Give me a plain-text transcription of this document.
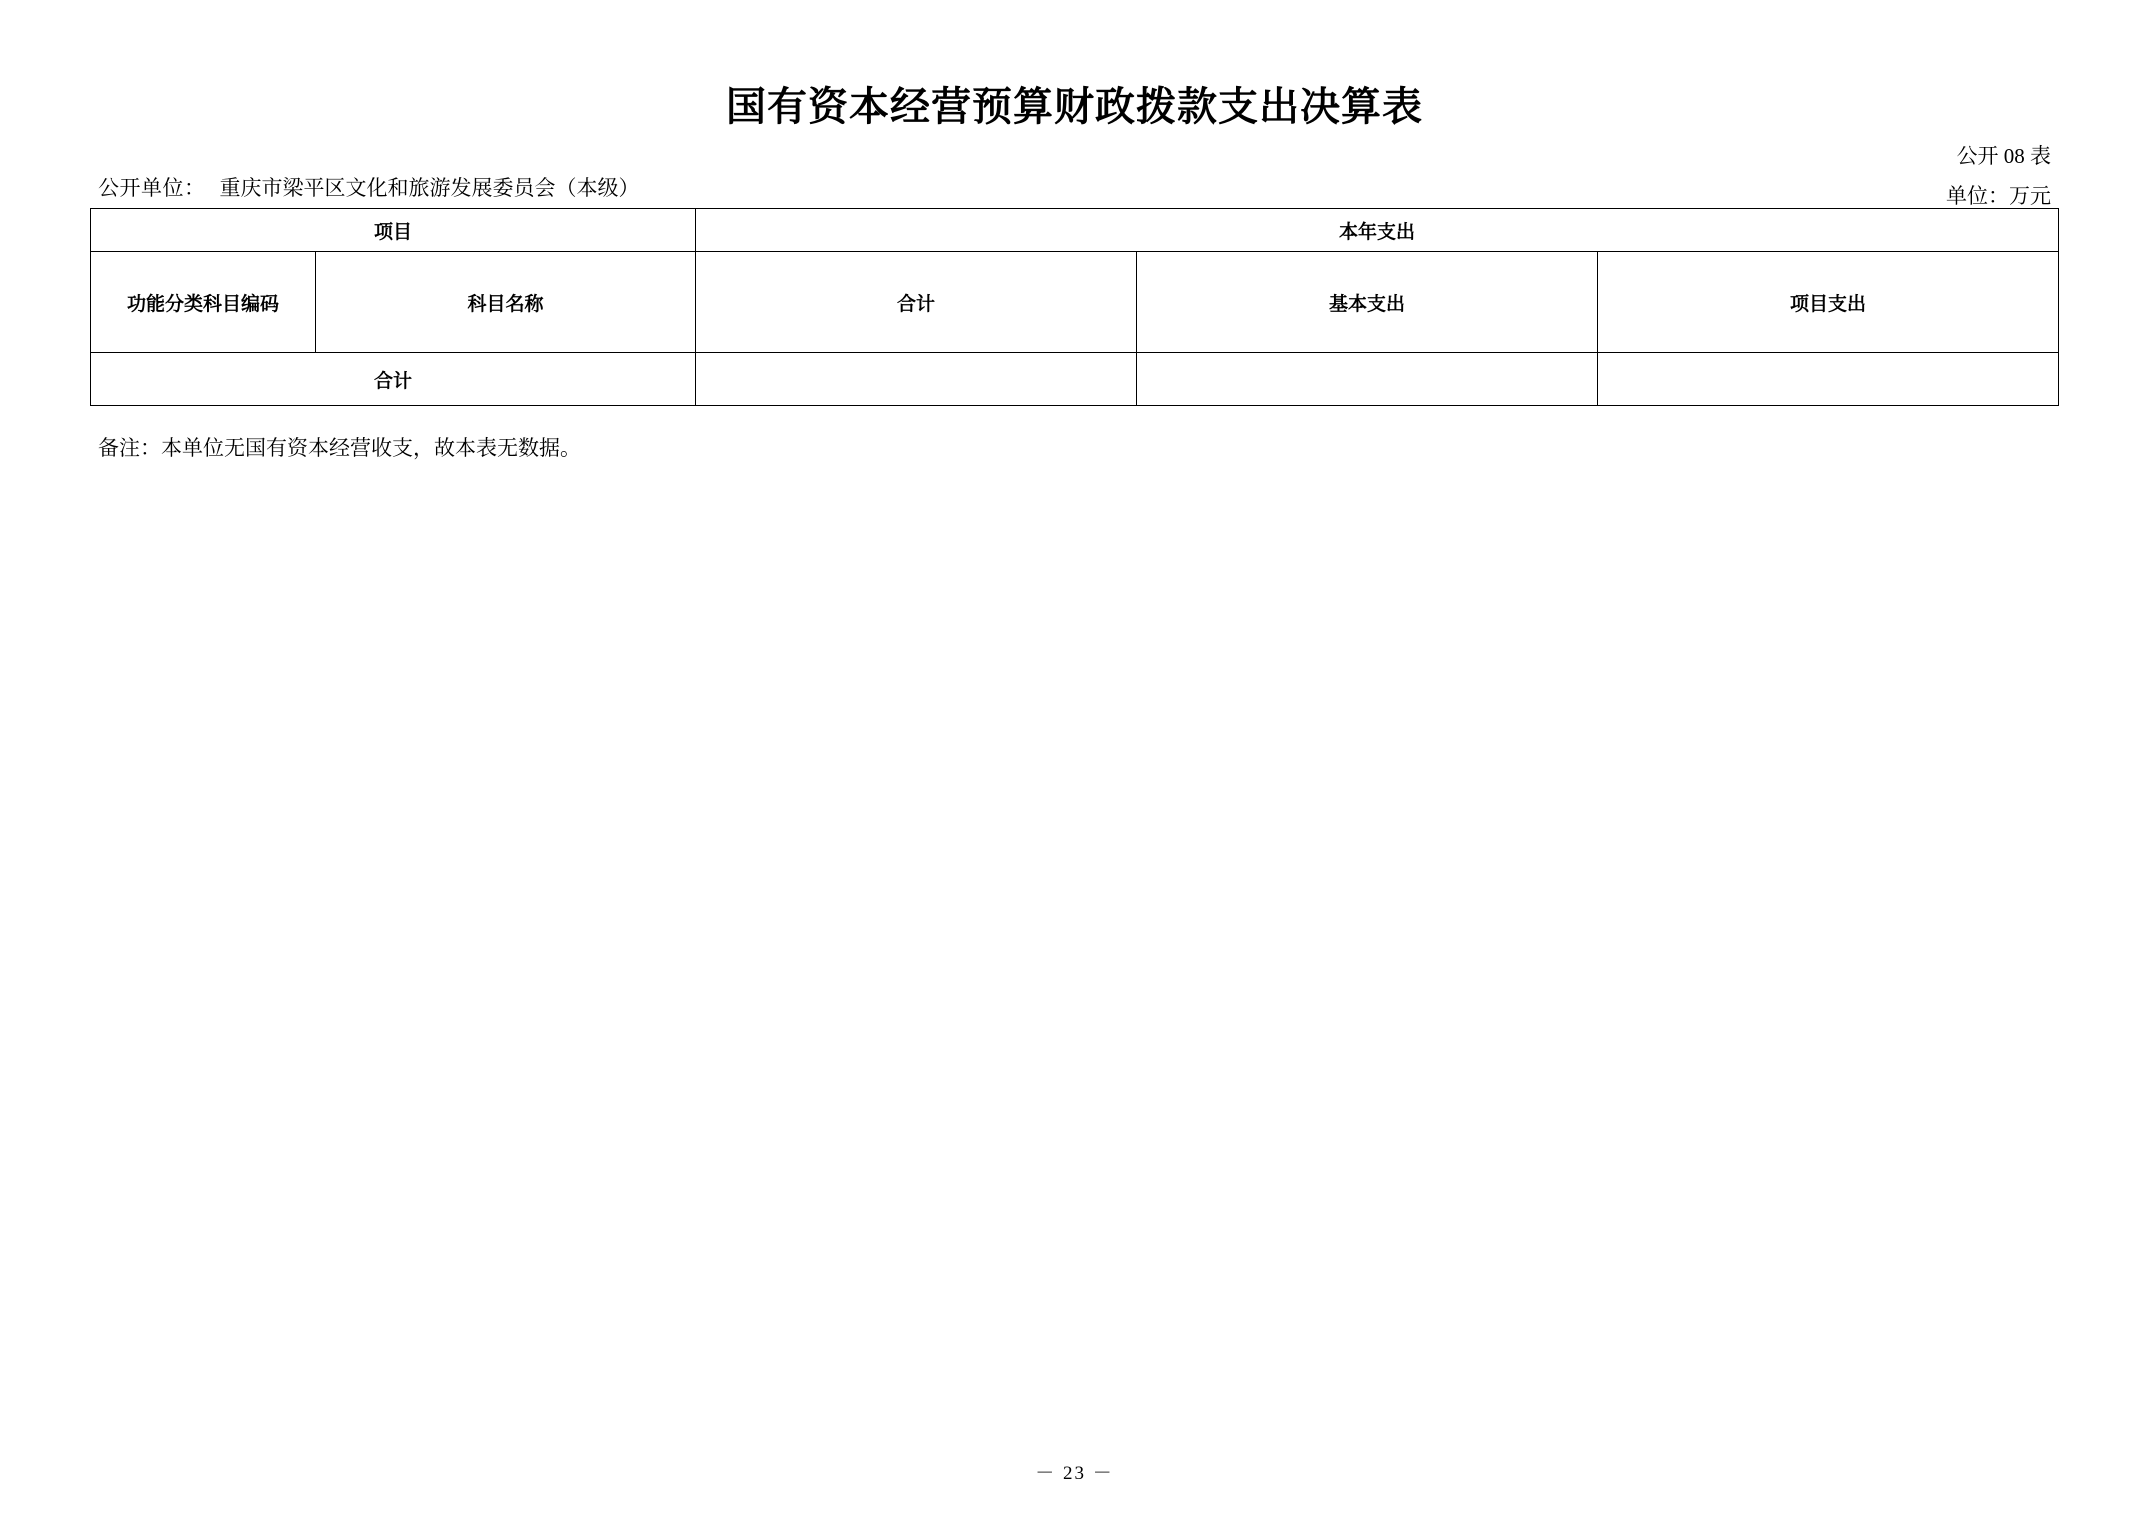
国有资本经营预算财政拨款支出决算表
公开 08 表
公开单位： 重庆市梁平区文化和旅游发展委员会（本级）	单位：万元
项目		本年支出		
功能分类科目编码	科目名称	合计	基本支出	项目支出
合计				
备注：本单位无国有资本经营收支，故本表无数据。
－ 23 －
